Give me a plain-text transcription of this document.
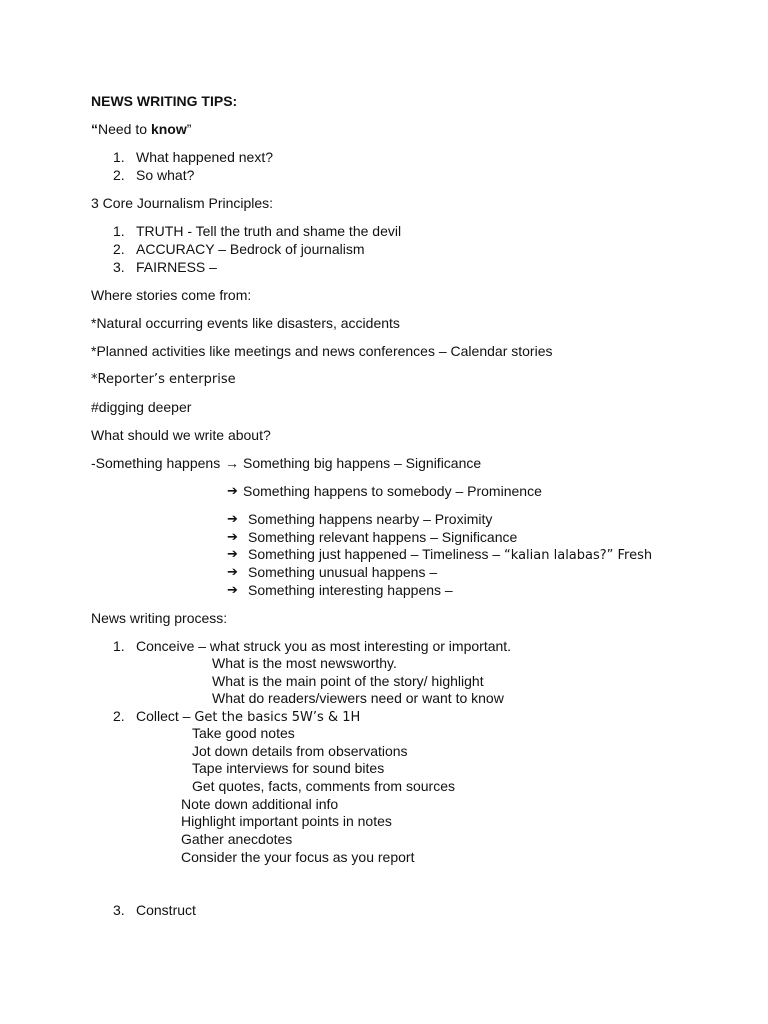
NEWS WRITING TIPS:
“Need to know”
1. What happened next?
2. So what?
3 Core Journalism Principles:
1. TRUTH - Tell the truth and shame the devil
2. ACCURACY – Bedrock of journalism
3. FAIRNESS –
Where stories come from:
*Natural occurring events like disasters, accidents
*Planned activities like meetings and news conferences – Calendar stories
*Reporter’s enterprise
#digging deeper
What should we write about?
-Something happens → Something big happens – Significance
➔ Something happens to somebody – Prominence
➔ Something happens nearby – Proximity
➔ Something relevant happens – Significance
➔ Something just happened – Timeliness – “kalian lalabas?” Fresh
➔ Something unusual happens –
➔ Something interesting happens –
News writing process:
1. Conceive – what struck you as most interesting or important.
What is the most newsworthy.
What is the main point of the story/ highlight
What do readers/viewers need or want to know
2. Collect – Get the basics 5W’s & 1H
Take good notes
Jot down details from observations
Tape interviews for sound bites
Get quotes, facts, comments from sources
Note down additional info
Highlight important points in notes
Gather anecdotes
Consider the your focus as you report
3. Construct
